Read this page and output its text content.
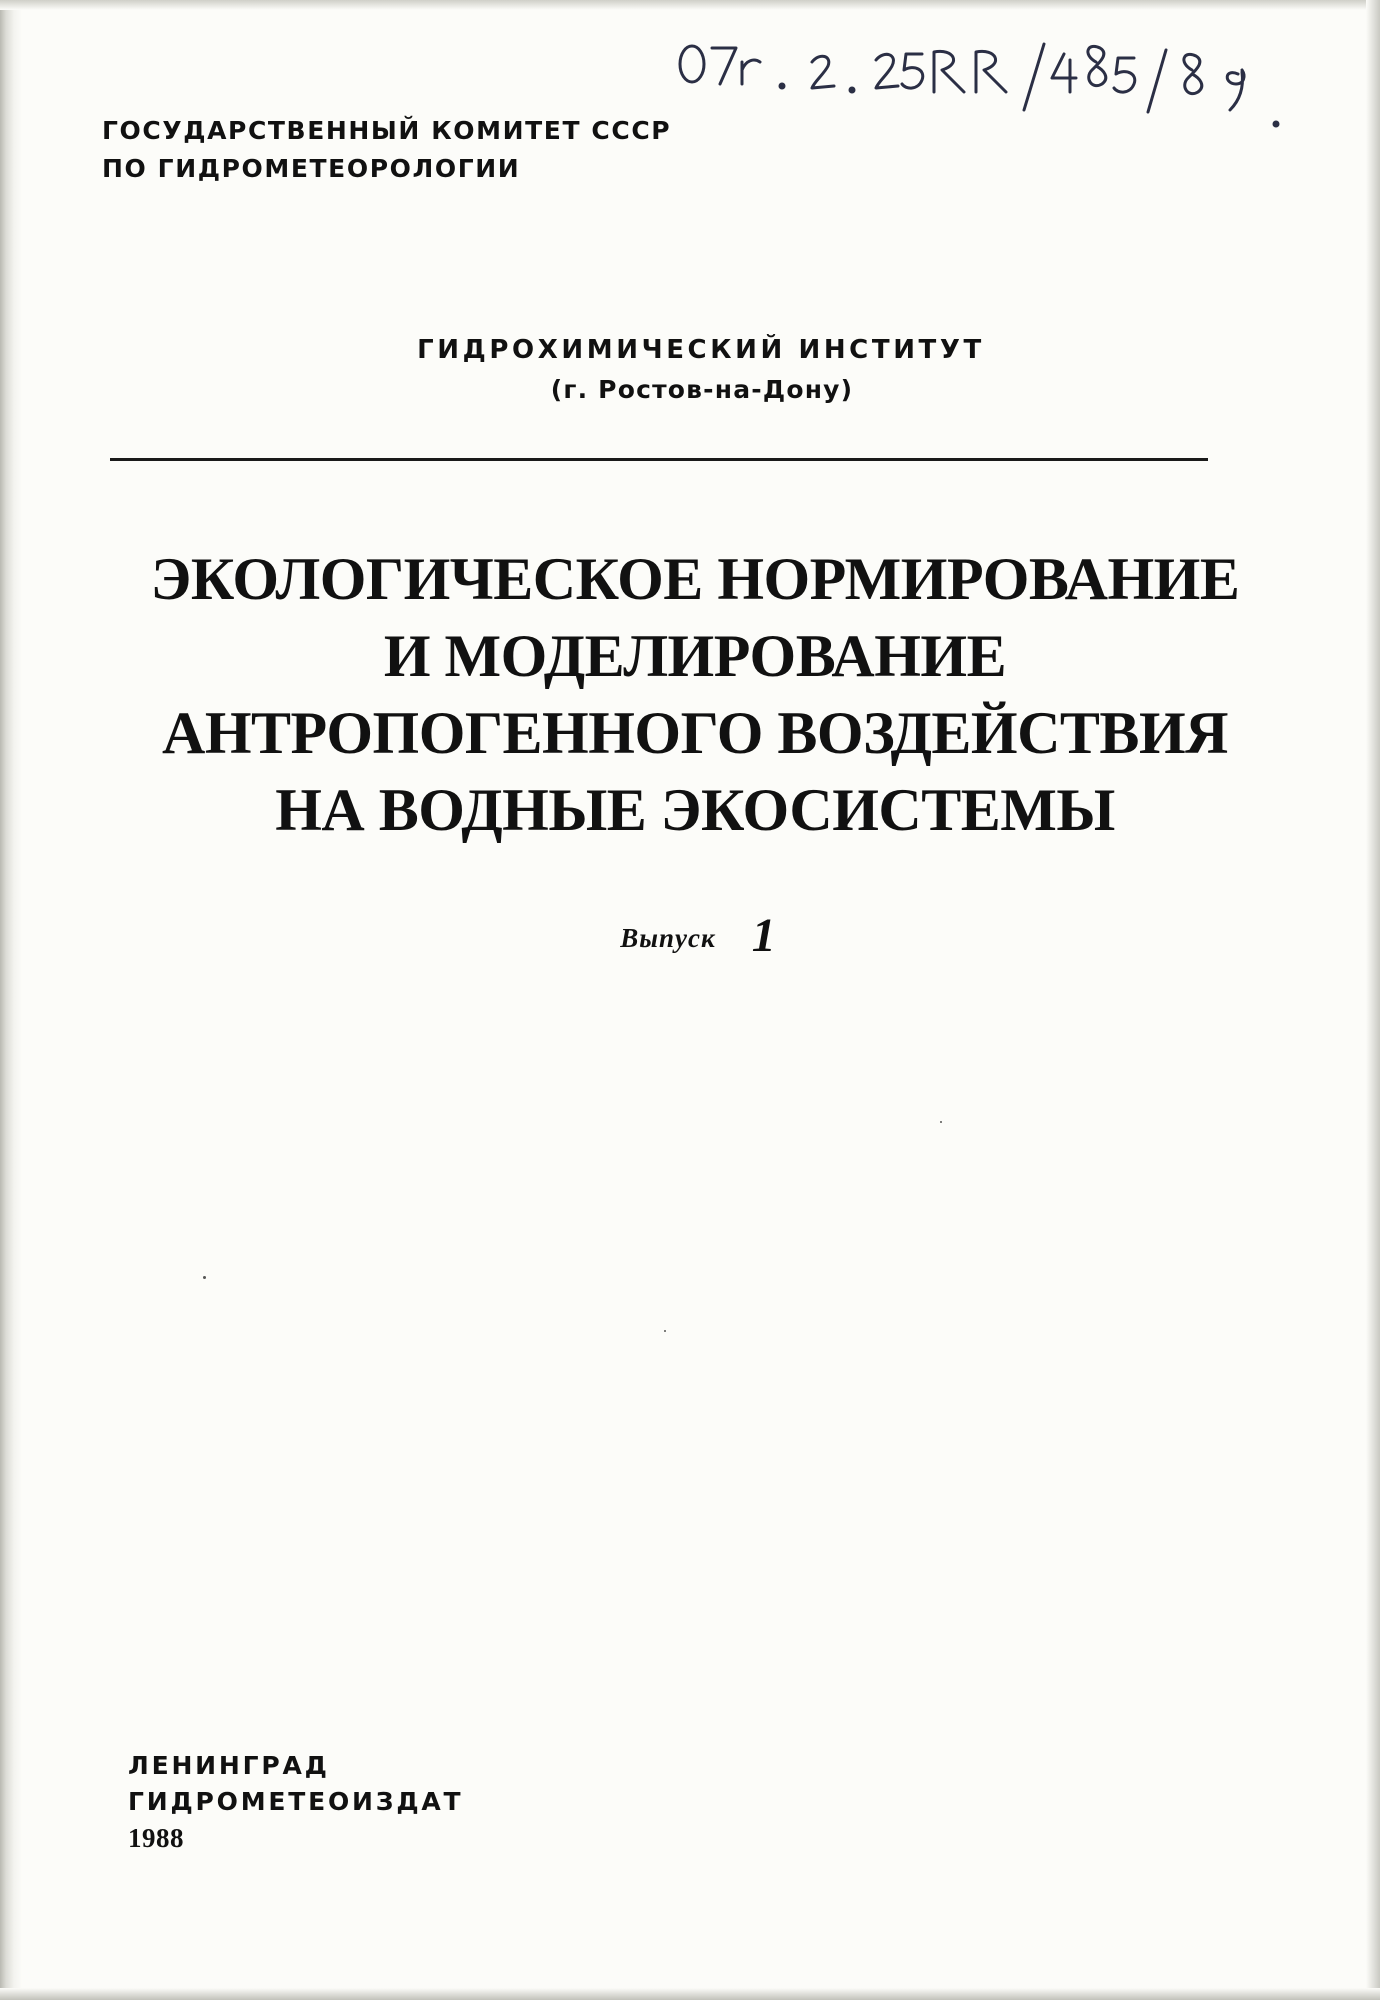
ГОСУДАРСТВЕННЫЙ КОМИТЕТ СССР
ПО ГИДРОМЕТЕОРОЛОГИИ
ГИДРОХИМИЧЕСКИЙ ИНСТИТУТ
(г. Ростов-на-Дону)
ЭКОЛОГИЧЕСКОЕ НОРМИРОВАНИЕ
И МОДЕЛИРОВАНИЕ
АНТРОПОГЕННОГО ВОЗДЕЙСТВИЯ
НА ВОДНЫЕ ЭКОСИСТЕМЫ
Выпуск 1
ЛЕНИНГРАД
ГИДРОМЕТЕОИЗДАТ
1988
